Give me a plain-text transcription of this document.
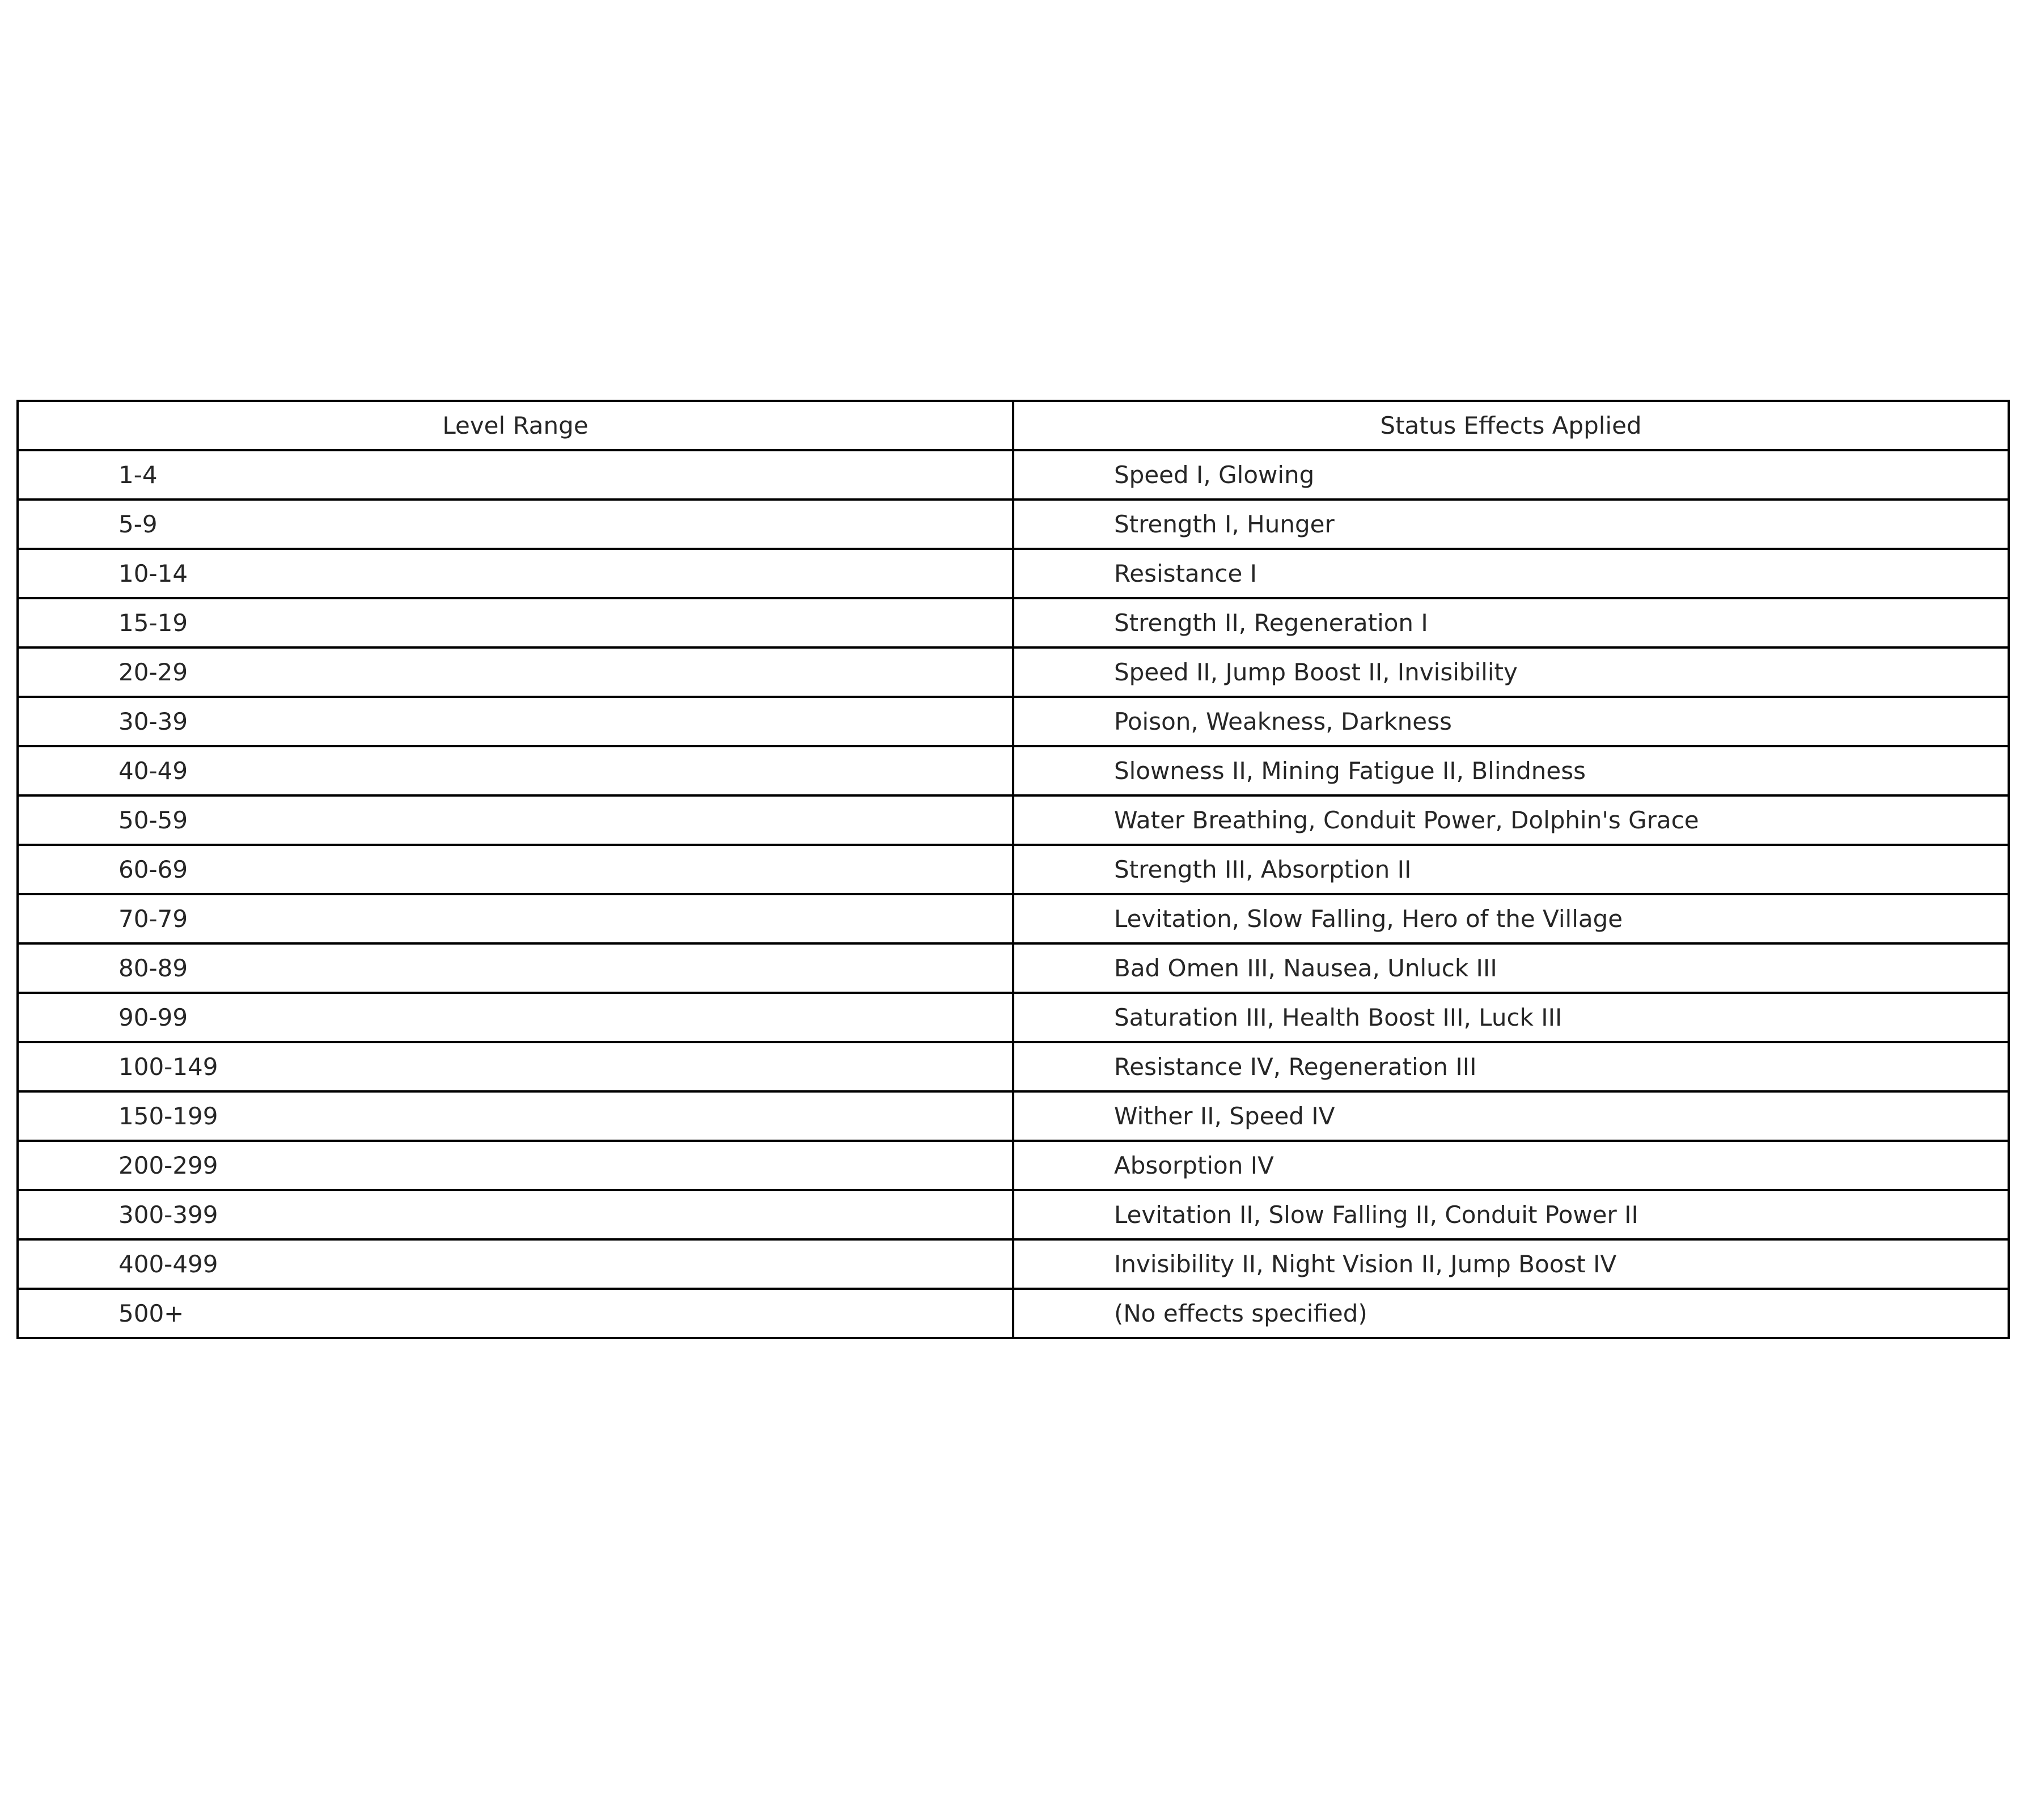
Level Range	Status Effects Applied
1-4	Speed I, Glowing
5-9	Strength I, Hunger
10-14	Resistance I
15-19	Strength II, Regeneration I
20-29	Speed II, Jump Boost II, Invisibility
30-39	Poison, Weakness, Darkness
40-49	Slowness II, Mining Fatigue II, Blindness
50-59	Water Breathing, Conduit Power, Dolphin's Grace
60-69	Strength III, Absorption II
70-79	Levitation, Slow Falling, Hero of the Village
80-89	Bad Omen III, Nausea, Unluck III
90-99	Saturation III, Health Boost III, Luck III
100-149	Resistance IV, Regeneration III
150-199	Wither II, Speed IV
200-299	Absorption IV
300-399	Levitation II, Slow Falling II, Conduit Power II
400-499	Invisibility II, Night Vision II, Jump Boost IV
500+	(No effects specified)
